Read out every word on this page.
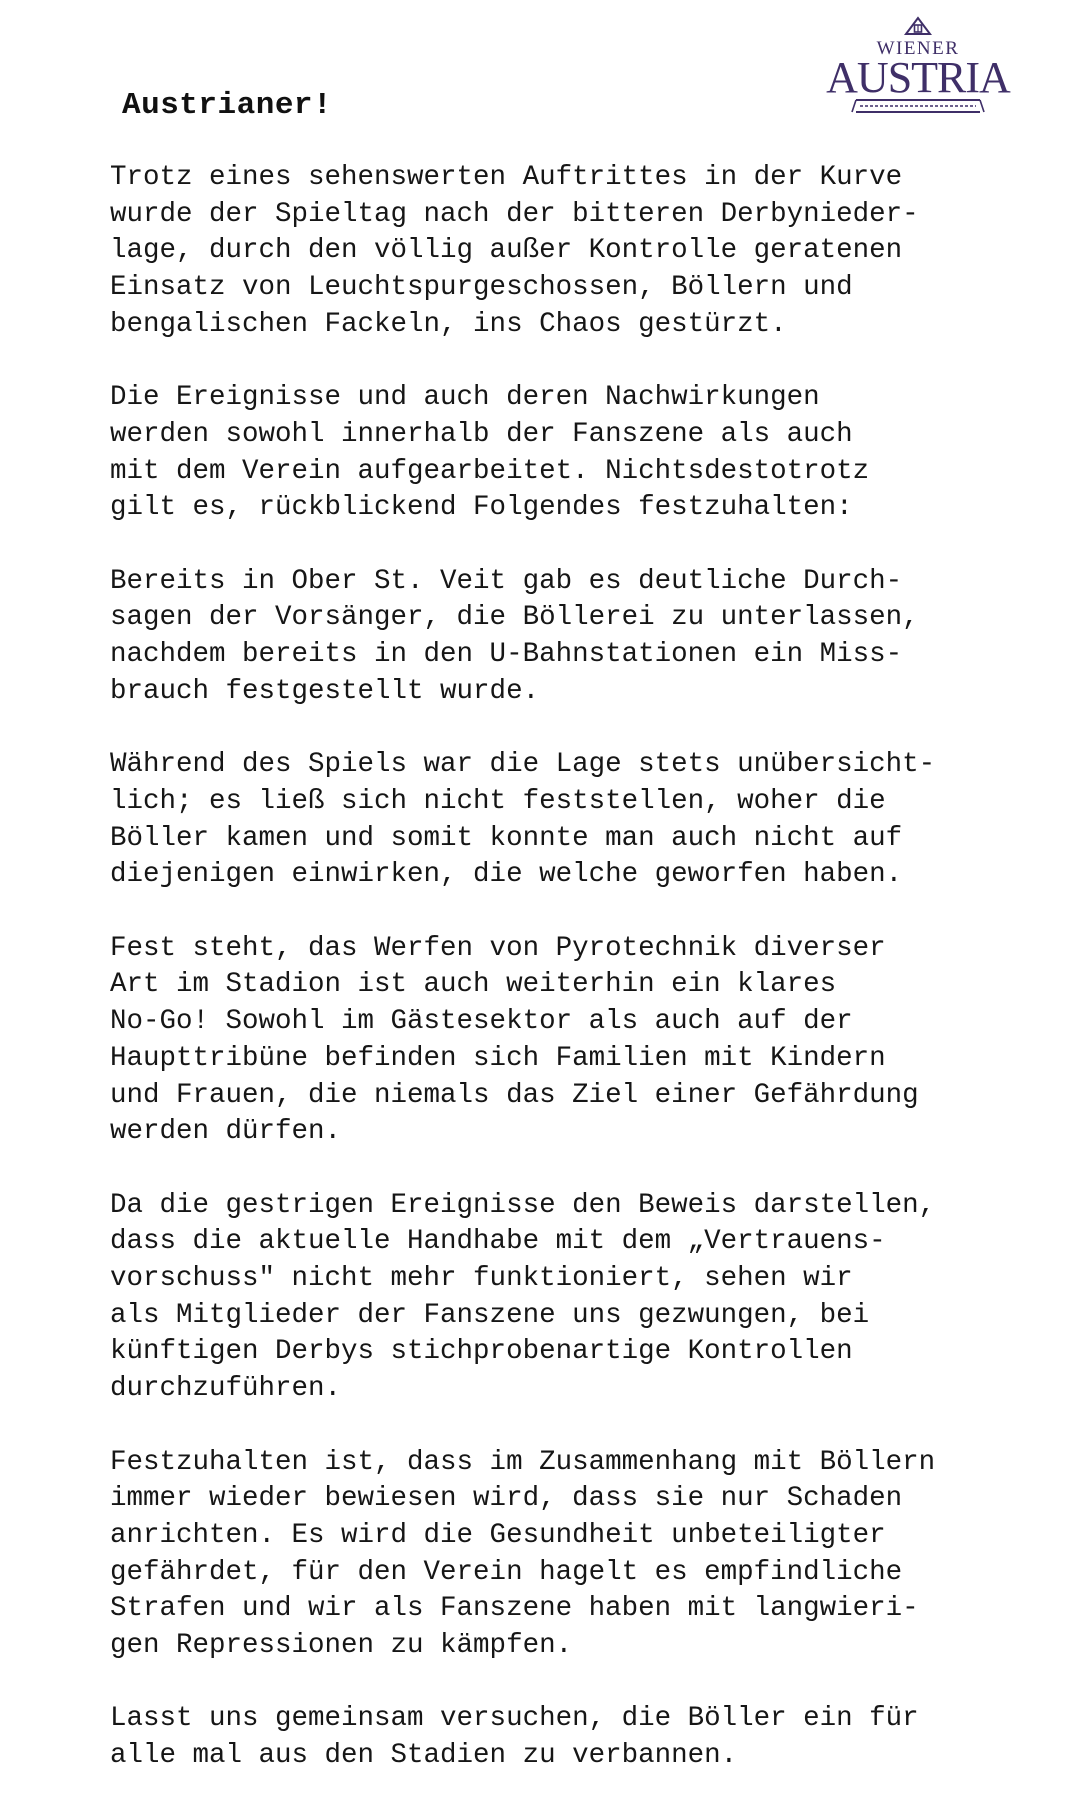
WIENER
AUSTRIA
Austrianer!

Trotz eines sehenswerten Auftrittes in der Kurve
wurde der Spieltag nach der bitteren Derbynieder-
lage, durch den völlig außer Kontrolle geratenen
Einsatz von Leuchtspurgeschossen, Böllern und
bengalischen Fackeln, ins Chaos gestürzt.

Die Ereignisse und auch deren Nachwirkungen
werden sowohl innerhalb der Fanszene als auch
mit dem Verein aufgearbeitet. Nichtsdestotrotz
gilt es, rückblickend Folgendes festzuhalten:

Bereits in Ober St. Veit gab es deutliche Durch-
sagen der Vorsänger, die Böllerei zu unterlassen,
nachdem bereits in den U-Bahnstationen ein Miss-
brauch festgestellt wurde.

Während des Spiels war die Lage stets unübersicht-
lich; es ließ sich nicht feststellen, woher die
Böller kamen und somit konnte man auch nicht auf
diejenigen einwirken, die welche geworfen haben.

Fest steht, das Werfen von Pyrotechnik diverser
Art im Stadion ist auch weiterhin ein klares
No-Go! Sowohl im Gästesektor als auch auf der
Haupttribüne befinden sich Familien mit Kindern
und Frauen, die niemals das Ziel einer Gefährdung
werden dürfen.

Da die gestrigen Ereignisse den Beweis darstellen,
dass die aktuelle Handhabe mit dem „Vertrauens-
vorschuss" nicht mehr funktioniert, sehen wir
als Mitglieder der Fanszene uns gezwungen, bei
künftigen Derbys stichprobenartige Kontrollen
durchzuführen.

Festzuhalten ist, dass im Zusammenhang mit Böllern
immer wieder bewiesen wird, dass sie nur Schaden
anrichten. Es wird die Gesundheit unbeteiligter
gefährdet, für den Verein hagelt es empfindliche
Strafen und wir als Fanszene haben mit langwieri-
gen Repressionen zu kämpfen.

Lasst uns gemeinsam versuchen, die Böller ein für
alle mal aus den Stadien zu verbannen.
